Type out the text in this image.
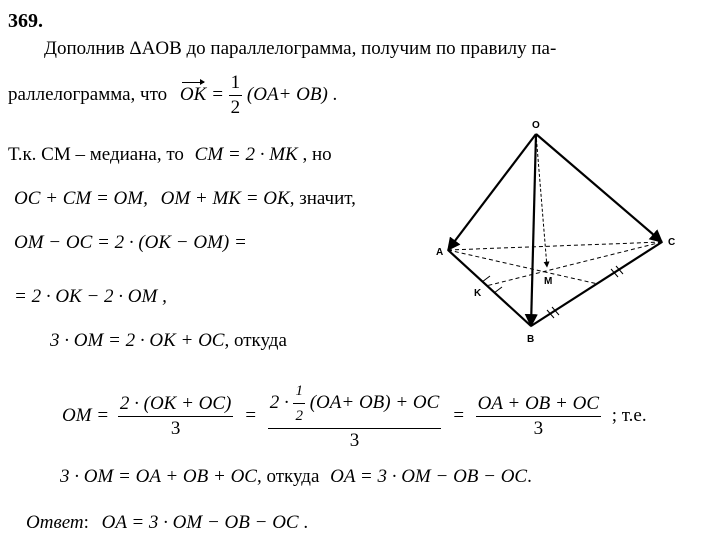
369.
Дополнив ΔAOB до параллелограмма, получим по правилу па-
раллелограмма, что OK = $\frac{1}{2} (OA+ OB)$ .
Т.к. CM – медиана, то CM = 2 · MK , но
OC + CM = OM, OM + MK = OK, значит,
OM − OC = 2 · (OK − OM) =
= 2 · OK − 2 · OM ,
3 · OM = 2 · OK + OC, откуда
OM = $\frac{2 \cdot (OK + OC)}{3}$ =
$2 \cdot \frac{1}{2} (OA+ OB)$ + OC
3
= $\frac{OA + OB + OC}{3}$ ; т.е.
3 · OM = OA + OB + OC, откуда OA = 3 · OM − OB − OC.
Ответ: OA = 3 · OM − OB − OC .
O
A
B
C
M
K
